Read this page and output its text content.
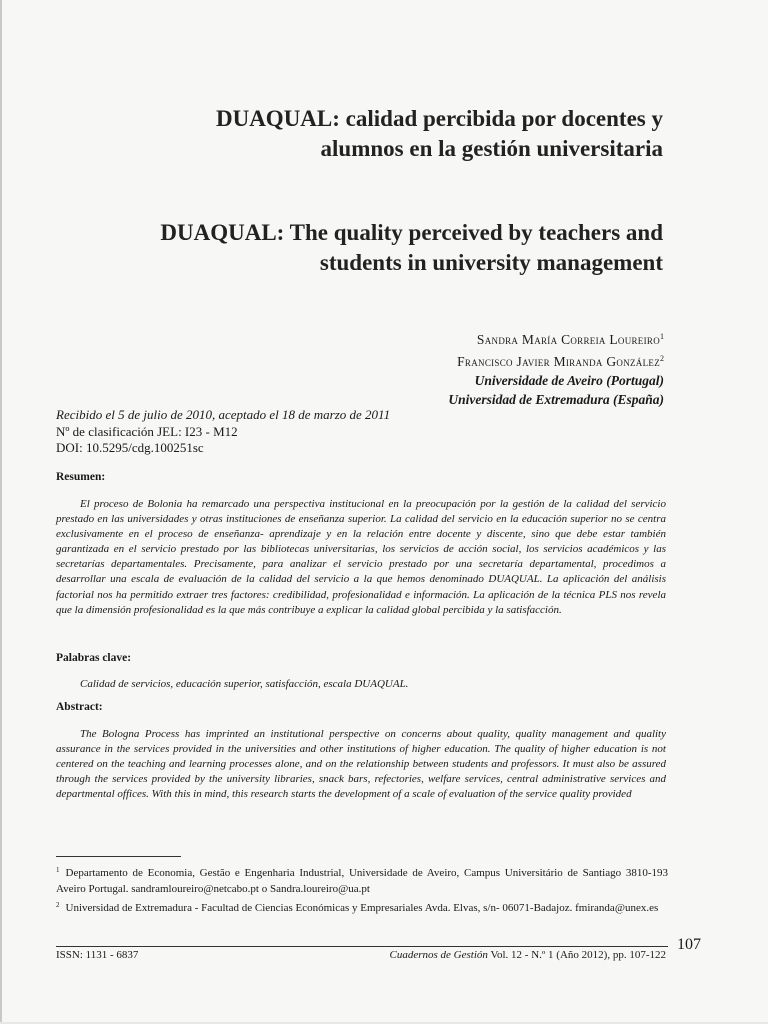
DUAQUAL: calidad percibida por docentes y
alumnos en la gestión universitaria
DUAQUAL: The quality perceived by teachers and
students in university management
Sandra María Correia Loureiro$^1$
Francisco Javier Miranda González$^2$
Universidade de Aveiro (Portugal)
Universidad de Extremadura (España)
Recibido el 5 de julio de 2010, aceptado el 18 de marzo de 2011
Nº de clasificación JEL: I23 - M12
DOI: 10.5295/cdg.100251sc
Resumen:
El proceso de Bolonia ha remarcado una perspectiva institucional en la preocupación por la gestión de la calidad del servicio prestado en las universidades y otras instituciones de enseñanza superior. La calidad del servicio en la educación superior no se centra exclusivamente en el proceso de enseñanza- aprendizaje y en la relación entre docente y discente, sino que debe estar también garantizada en el servicio prestado por las bibliotecas universitarias, los servicios de acción social, los servicios académicos y las secretarías departamentales. Precisamente, para analizar el servicio prestado por una secretaría departamental, procedimos a desarrollar una escala de evaluación de la calidad del servicio a la que hemos denominado DUAQUAL. La aplicación del análisis factorial nos ha permitido extraer tres factores: credibilidad, profesionalidad e información. La aplicación de la técnica PLS nos revela que la dimensión profesionalidad es la que más contribuye a explicar la calidad global percibida y la satisfacción.
Palabras clave:
Calidad de servicios, educación superior, satisfacción, escala DUAQUAL.
Abstract:
The Bologna Process has imprinted an institutional perspective on concerns about quality, quality management and quality assurance in the services provided in the universities and other institutions of higher education. The quality of higher education is not centered on the teaching and learning processes alone, and on the relationship between students and professors. It must also be assured through the services provided by the university libraries, snack bars, refectories, welfare services, central administrative services and departmental offices. With this in mind, this research starts the development of a scale of evaluation of the service quality provided
$^1$ Departamento de Economia, Gestão e Engenharia Industrial, Universidade de Aveiro, Campus Universitário de Santiago 3810-193 Aveiro Portugal. sandramloureiro@netcabo.pt o Sandra.loureiro@ua.pt
$^2$ Universidad de Extremadura - Facultad de Ciencias Económicas y Empresariales Avda. Elvas, s/n- 06071-Badajoz. fmiranda@unex.es
ISSN: 1131 - 6837	Cuadernos de Gestión Vol. 12 - N.º 1 (Año 2012), pp. 107-122
107
